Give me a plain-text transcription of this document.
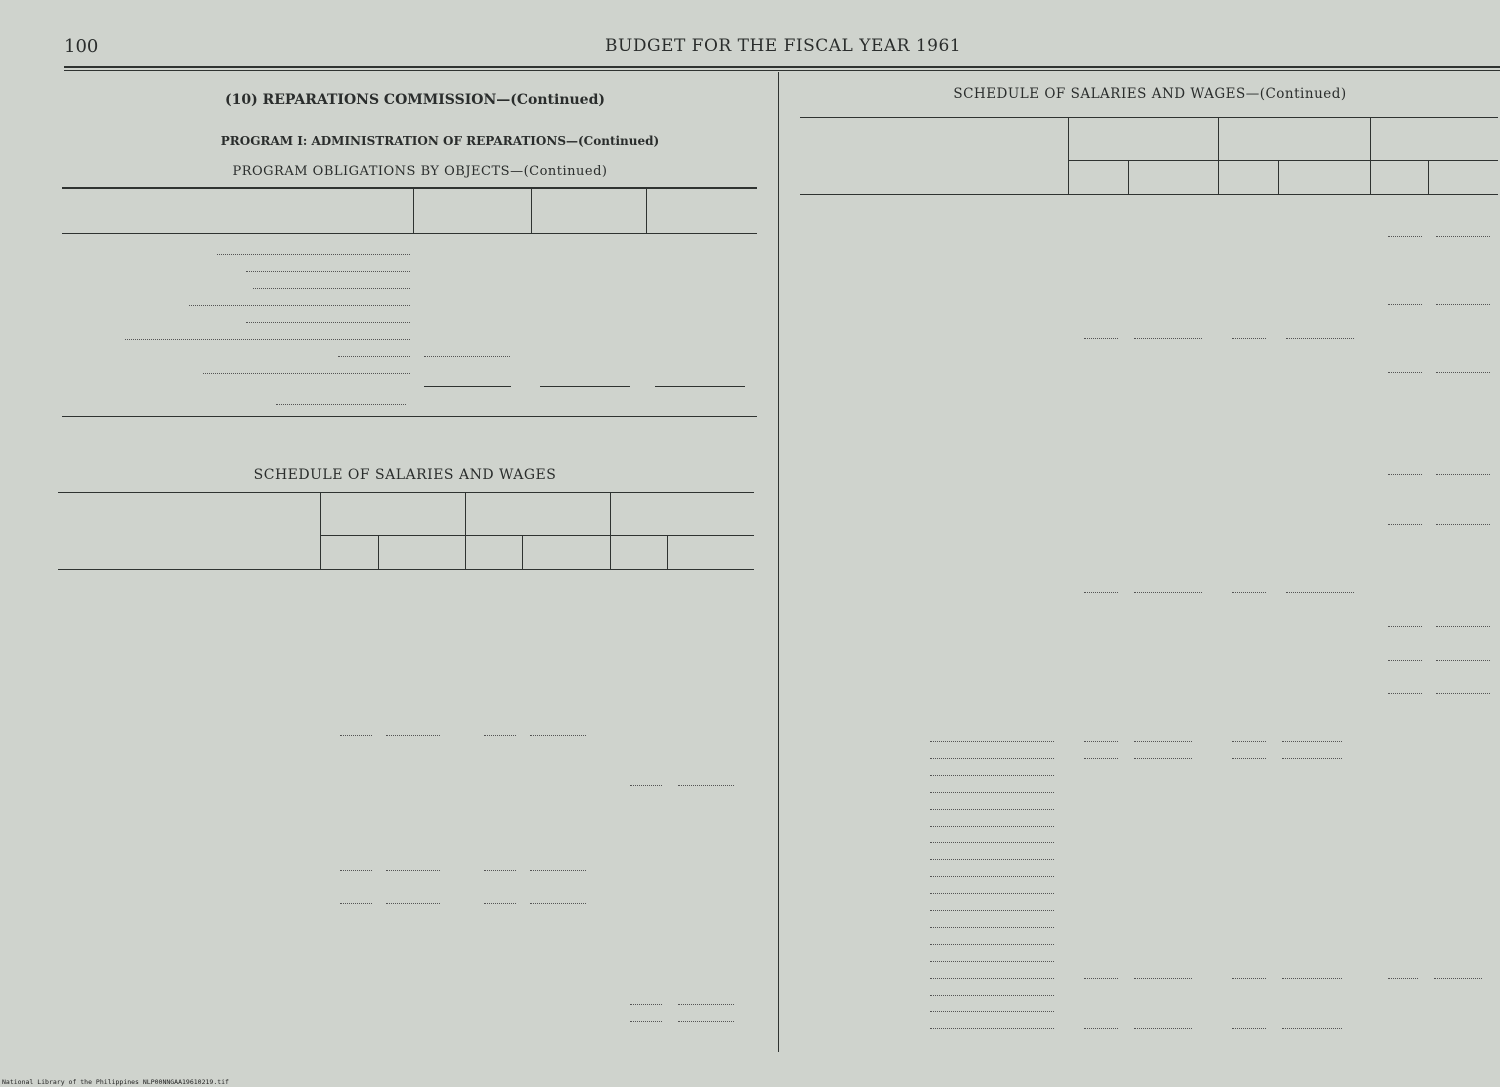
100	BUDGET FOR THE FISCAL YEAR 1961
(10) REPARATIONS COMMISSION—(Continued)
PROGRAM I: ADMINISTRATION OF REPARATIONS—(Continued)
PROGRAM OBLIGATIONS BY OBJECTS—(Continued)
SCHEDULE OF SALARIES AND WAGES
SCHEDULE OF SALARIES AND WAGES—(Continued)
National Library of the Philippines NLP00NNGAA19610219.tif
